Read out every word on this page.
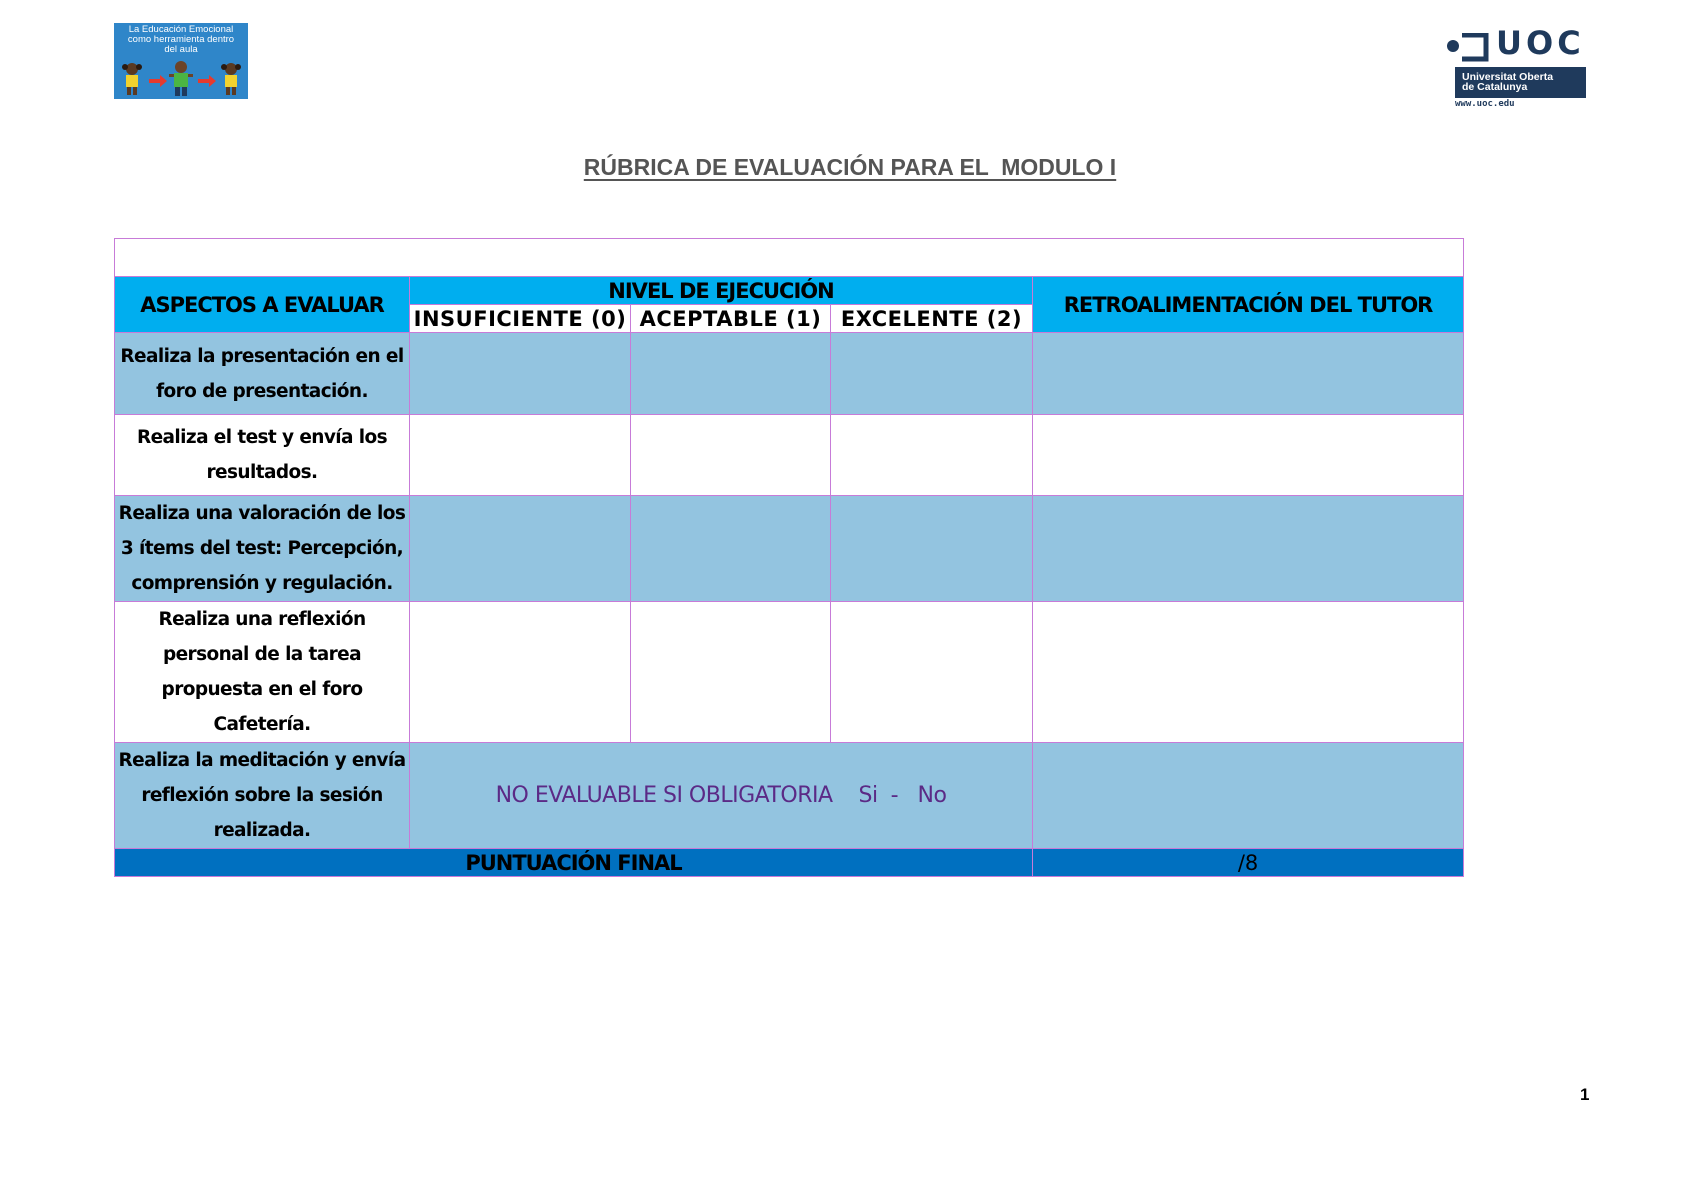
La Educación Emocional
como herramienta dentro
del aula	UOC
Universitat Oberta
de Catalunya
www.uoc.edu
RÚBRICA DE EVALUACIÓN PARA EL  MODULO I

ASPECTOS A EVALUAR	NIVEL DE EJECUCIÓN			RETROALIMENTACIÓN DEL TUTOR
	INSUFICIENTE (0)	ACEPTABLE (1)	EXCELENTE (2)	
Realiza la presentación en el foro de presentación.				
Realiza el test y envía los resultados.				
Realiza una valoración de los 3 ítems del test: Percepción, comprensión y regulación.				
Realiza una reflexión personal de la tarea propuesta en el foro Cafetería.				
Realiza la meditación y envía reflexión sobre la sesión realizada.	NO EVALUABLE SI OBLIGATORIA    Si  -   No			
PUNTUACIÓN FINAL				/8
1
